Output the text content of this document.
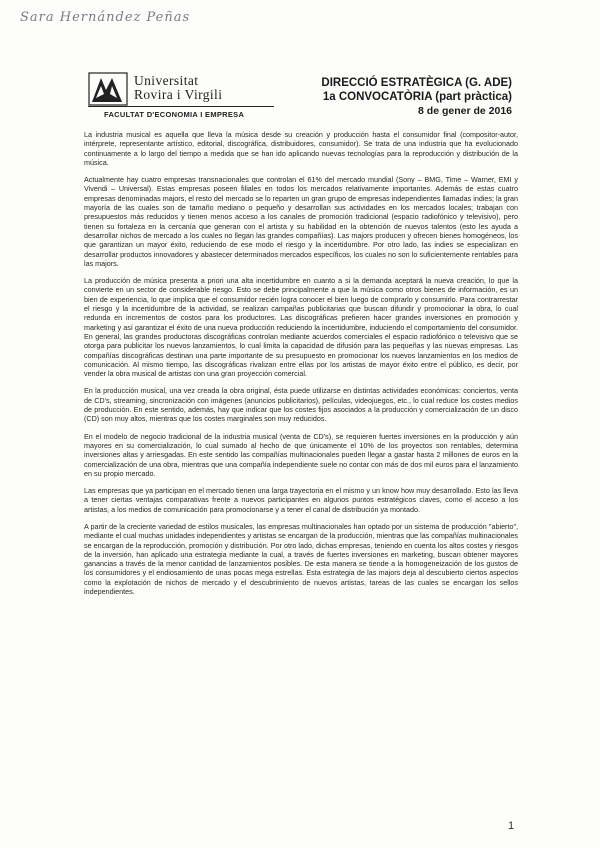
Sara Hernández Peñas
Universitat
Rovira i Virgili
FACULTAT D'ECONOMIA I EMPRESA
DIRECCIÓ ESTRATÈGICA (G. ADE)
1a CONVOCATÒRIA (part pràctica)
8 de gener de 2016

La industria musical es aquella que lleva la música desde su creación y producción hasta el consumidor final (compositor-autor, intérprete, representante artístico, editorial, discográfica, distribuidores, consumidor). Se trata de una industria que ha evolucionado continuamente a lo largo del tiempo a medida que se han ido aplicando nuevas tecnologías para la reproducción y distribución de la música.

Actualmente hay cuatro empresas transnacionales que controlan el 61% del mercado mundial (Sony – BMG, Time – Warner, EMI y Vivendi – Universal). Estas empresas poseen filiales en todos los mercados relativamente importantes. Además de estas cuatro empresas denominadas majors, el resto del mercado se lo reparten un gran grupo de empresas independientes llamadas indies; la gran mayoría de las cuales son de tamaño mediano o pequeño y desarrollan sus actividades en los mercados locales; trabajan con presupuestos más reducidos y tienen menos acceso a los canales de promoción tradicional (espacio radiofónico y televisivo), pero tienen su fortaleza en la cercanía que generan con el artista y su habilidad en la obtención de nuevos talentos (esto les ayuda a desarrollar nichos de mercado a los cuales no llegan las grandes compañías). Las majors producen y ofrecen bienes homogéneos, los que garantizan un mayor éxito, reduciendo de ese modo el riesgo y la incertidumbre. Por otro lado, las indies se especializan en desarrollar productos innovadores y abastecer determinados mercados específicos, los cuales no son lo suficientemente rentables para las majors.

La producción de música presenta a priori una alta incertidumbre en cuanto a si la demanda aceptará la nueva creación, lo que la convierte en un sector de considerable riesgo. Esto se debe principalmente a que la música como otros bienes de información, es un bien de experiencia, lo que implica que el consumidor recién logra conocer el bien luego de comprarlo y consumirlo. Para contrarrestar el riesgo y la incertidumbre de la actividad, se realizan campañas publicitarias que buscan difundir y promocionar la obra, lo cual redunda en incrementos de costos para los productores. Las discográficas prefieren hacer grandes inversiones en promoción y marketing y así garantizar el éxito de una nueva producción reduciendo la incertidumbre, induciendo el comportamiento del consumidor. En general, las grandes productoras discográficas controlan mediante acuerdos comerciales el espacio radiofónico o televisivo que se otorga para publicitar los nuevos lanzamientos, lo cual limita la capacidad de difusión para las pequeñas y las nuevas empresas. Las compañías discográficas destinan una parte importante de su presupuesto en promocionar los nuevos lanzamientos en los medios de comunicación. Al mismo tiempo, las discográficas rivalizan entre ellas por los artistas de mayor éxito entre el público, es decir, por vender la obra musical de artistas con una gran proyección comercial.

En la producción musical, una vez creada la obra original, ésta puede utilizarse en distintas actividades económicas: conciertos, venta de CD's, streaming, sincronización con imágenes (anuncios publicitarios), películas, videojuegos, etc., lo cual reduce los costes medios de producción. En este sentido, además, hay que indicar que los costes fijos asociados a la producción y comercialización de un disco (CD) son muy altos, mientras que los costes marginales son muy reducidos.

En el modelo de negocio tradicional de la industria musical (venta de CD's), se requieren fuertes inversiones en la producción y aún mayores en su comercialización, lo cual sumado al hecho de que únicamente el 10% de los proyectos son rentables, determina inversiones altas y arriesgadas. En este sentido las compañías multinacionales pueden llegar a gastar hasta 2 millones de euros en la comercialización de una obra, mientras que una compañía independiente suele no contar con más de dos mil euros para el lanzamiento en su propio mercado.

Las empresas que ya participan en el mercado tienen una larga trayectoria en el mismo y un know how muy desarrollado. Esto las lleva a tener ciertas ventajas comparativas frente a nuevos participantes en algunos puntos estratégicos claves, como el acceso a los artistas, a los medios de comunicación para promocionarse y a tener el canal de distribución ya montado.

A partir de la creciente variedad de estilos musicales, las empresas multinacionales han optado por un sistema de producción "abierto", mediante el cual muchas unidades independientes y artistas se encargan de la producción, mientras que las compañías multinacionales se encargan de la reproducción, promoción y distribución. Por otro lado, dichas empresas, teniendo en cuenta los altos costes y riesgos de la inversión, han aplicado una estrategia mediante la cual, a través de fuertes inversiones en marketing, buscan obtener mayores ganancias a través de la menor cantidad de lanzamientos posibles. De esta manera se tiende a la homogeneización de los gustos de los consumidores y el endiosamiento de unas pocas mega estrellas. Esta estrategia de las majors deja al descubierto ciertos aspectos como la explotación de nichos de mercado y el descubrimiento de nuevos artistas, tareas de las cuales se encargan los sellos independientes.

1
